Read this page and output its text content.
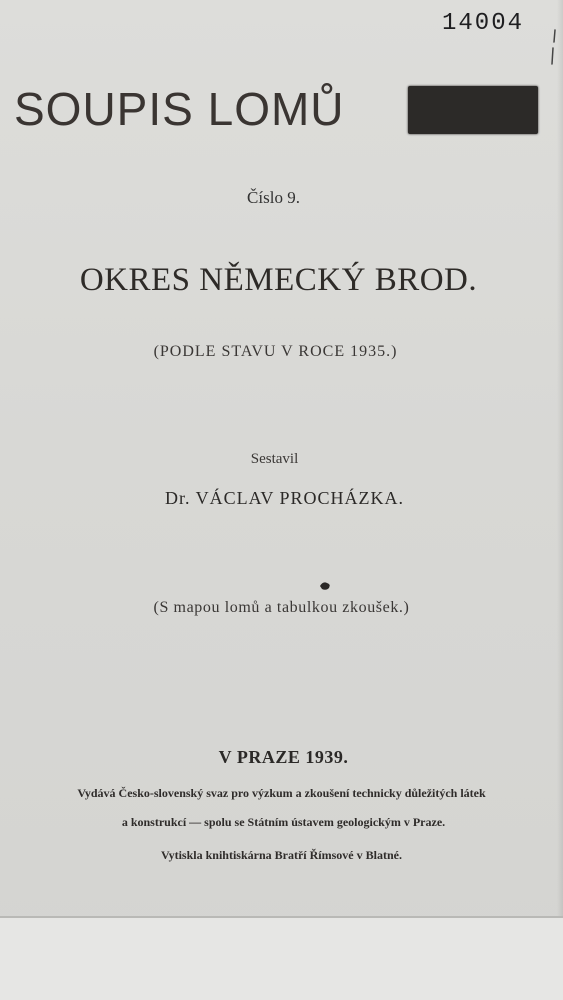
14004
SOUPIS LOMŮ
Číslo 9.
OKRES NĚMECKÝ BROD.
(PODLE STAVU V ROCE 1935.)
Sestavil
Dr. VÁCLAV PROCHÁZKA.
(S mapou lomů a tabulkou zkoušek.)
V PRAZE 1939.
Vydává Česko-slovenský svaz pro výzkum a zkoušení technicky důležitých látek
a konstrukcí — spolu se Státním ústavem geologickým v Praze.
Vytiskla knihtiskárna Bratří Římsové v Blatné.
